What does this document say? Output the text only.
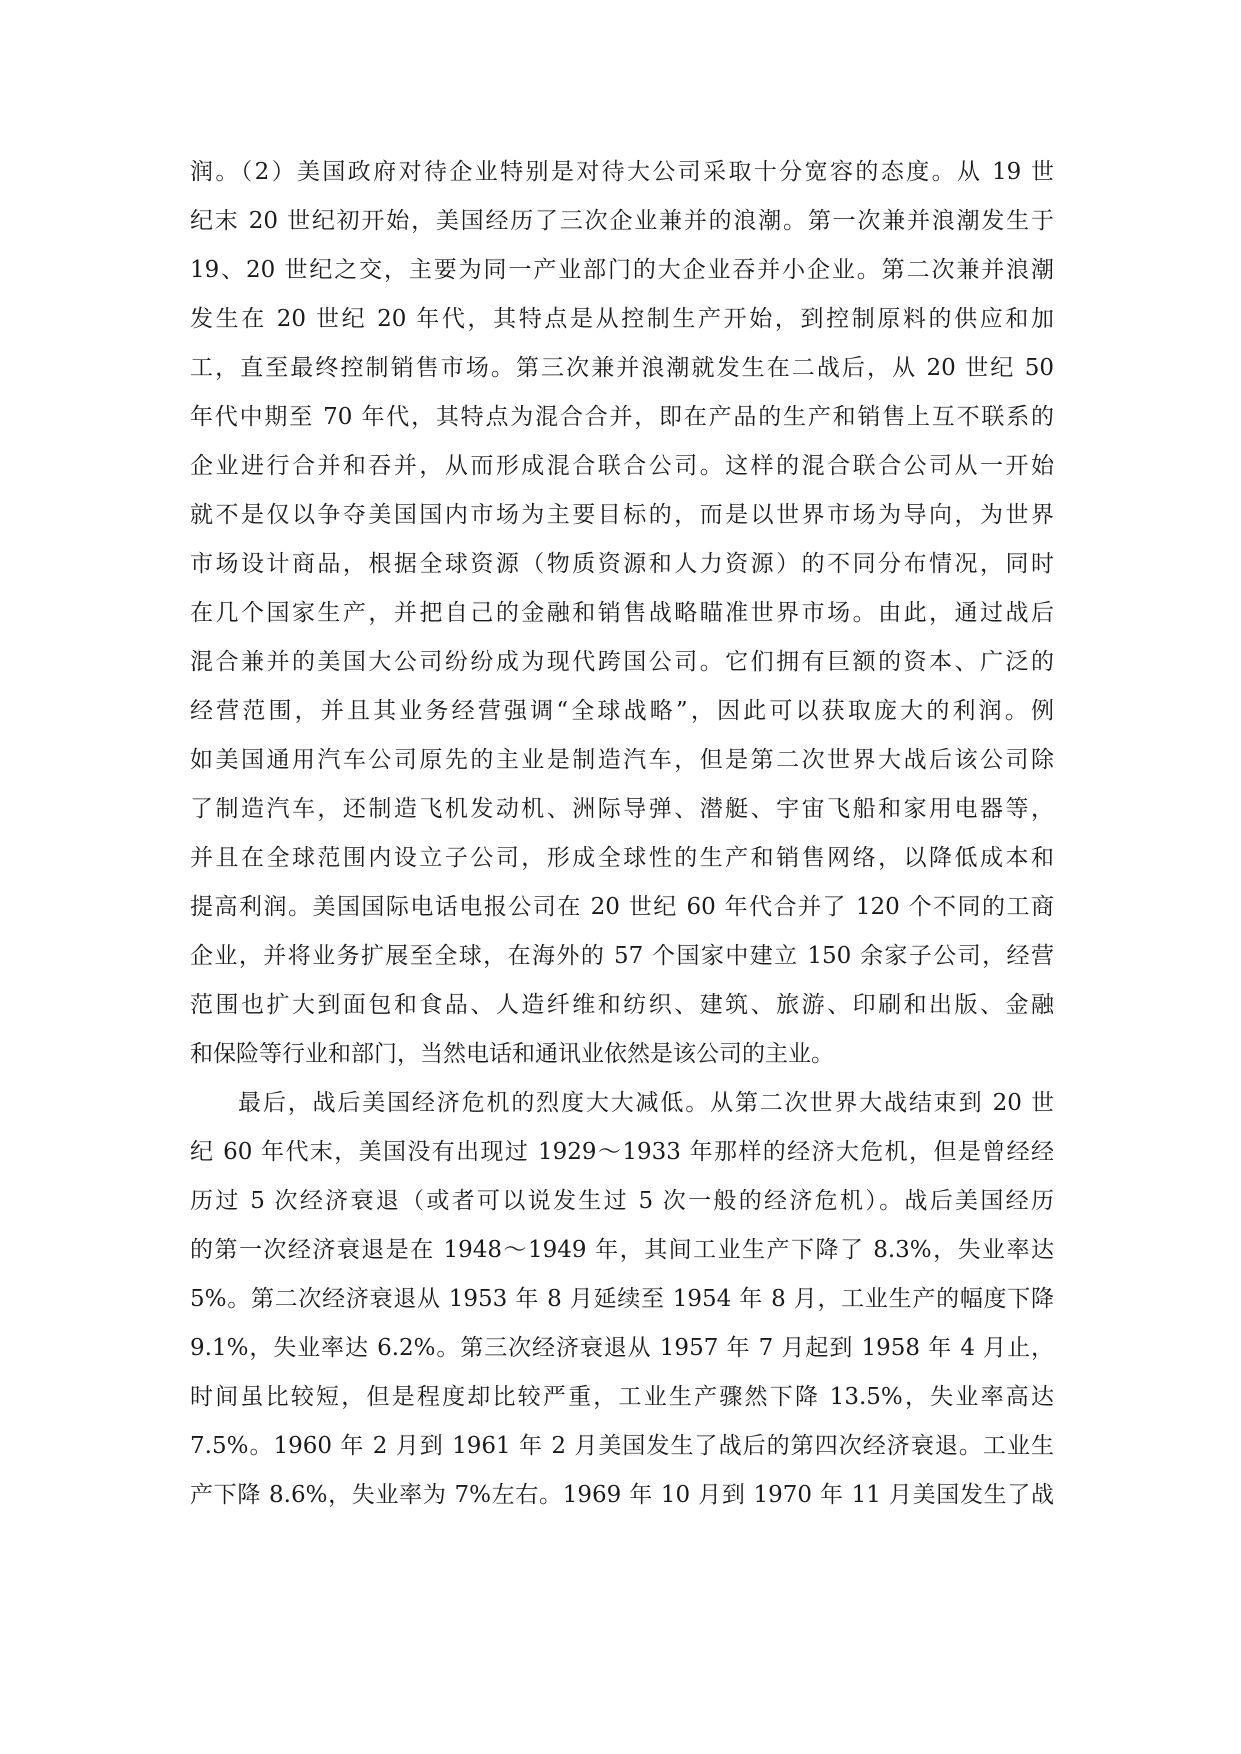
润。（2）美国政府对待企业特别是对待大公司采取十分宽容的态度。从 19 世
纪末 20 世纪初开始，美国经历了三次企业兼并的浪潮。第一次兼并浪潮发生于
19、20 世纪之交，主要为同一产业部门的大企业吞并小企业。第二次兼并浪潮
发生在 20 世纪 20 年代，其特点是从控制生产开始，到控制原料的供应和加
工，直至最终控制销售市场。第三次兼并浪潮就发生在二战后，从 20 世纪 50
年代中期至 70 年代，其特点为混合合并，即在产品的生产和销售上互不联系的
企业进行合并和吞并，从而形成混合联合公司。这样的混合联合公司从一开始
就不是仅以争夺美国国内市场为主要目标的，而是以世界市场为导向，为世界
市场设计商品，根据全球资源（物质资源和人力资源）的不同分布情况，同时
在几个国家生产，并把自己的金融和销售战略瞄准世界市场。由此，通过战后
混合兼并的美国大公司纷纷成为现代跨国公司。它们拥有巨额的资本、广泛的
经营范围，并且其业务经营强调“全球战略”，因此可以获取庞大的利润。例
如美国通用汽车公司原先的主业是制造汽车，但是第二次世界大战后该公司除
了制造汽车，还制造飞机发动机、洲际导弹、潜艇、宇宙飞船和家用电器等，
并且在全球范围内设立子公司，形成全球性的生产和销售网络，以降低成本和
提高利润。美国国际电话电报公司在 20 世纪 60 年代合并了 120 个不同的工商
企业，并将业务扩展至全球，在海外的 57 个国家中建立 150 余家子公司，经营
范围也扩大到面包和食品、人造纤维和纺织、建筑、旅游、印刷和出版、金融
和保险等行业和部门，当然电话和通讯业依然是该公司的主业。
最后，战后美国经济危机的烈度大大减低。从第二次世界大战结束到 20 世
纪 60 年代末，美国没有出现过 1929～1933 年那样的经济大危机，但是曾经经
历过 5 次经济衰退（或者可以说发生过 5 次一般的经济危机）。战后美国经历
的第一次经济衰退是在 1948～1949 年，其间工业生产下降了 8.3%，失业率达
5%。第二次经济衰退从 1953 年 8 月延续至 1954 年 8 月，工业生产的幅度下降
9.1%，失业率达 6.2%。第三次经济衰退从 1957 年 7 月起到 1958 年 4 月止，
时间虽比较短，但是程度却比较严重，工业生产骤然下降 13.5%，失业率高达
7.5%。1960 年 2 月到 1961 年 2 月美国发生了战后的第四次经济衰退。工业生
产下降 8.6%，失业率为 7%左右。1969 年 10 月到 1970 年 11 月美国发生了战
